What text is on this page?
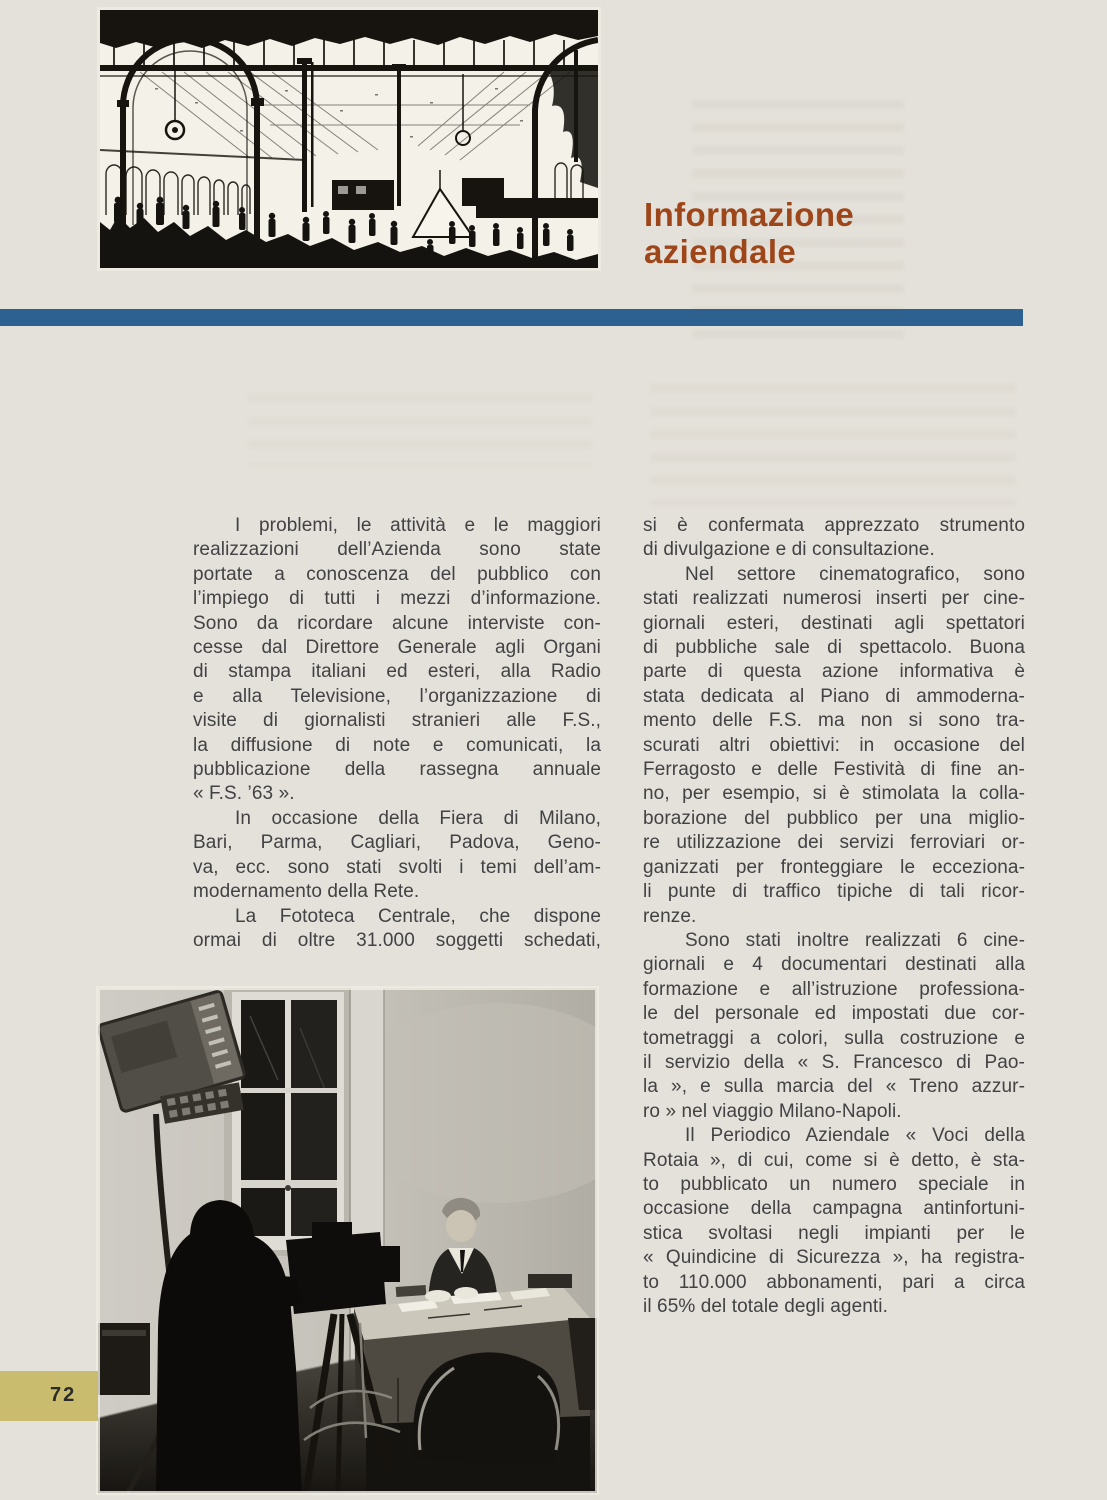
Informazione
aziendale
I problemi, le attività e le maggiori
realizzazioni dell’Azienda sono state
portate a conoscenza del pubblico con
l’impiego di tutti i mezzi d’informazione.
Sono da ricordare alcune interviste con-
cesse dal Direttore Generale agli Organi
di stampa italiani ed esteri, alla Radio
e alla Televisione, l’organizzazione di
visite di giornalisti stranieri alle F.S.,
la diffusione di note e comunicati, la
pubblicazione della rassegna annuale
« F.S. ’63 ».
In occasione della Fiera di Milano,
Bari, Parma, Cagliari, Padova, Geno-
va, ecc. sono stati svolti i temi dell’am-
modernamento della Rete.
La Fototeca Centrale, che dispone
ormai di oltre 31.000 soggetti schedati,
si è confermata apprezzato strumento
di divulgazione e di consultazione.
Nel settore cinematografico, sono
stati realizzati numerosi inserti per cine-
giornali esteri, destinati agli spettatori
di pubbliche sale di spettacolo. Buona
parte di questa azione informativa è
stata dedicata al Piano di ammoderna-
mento delle F.S. ma non si sono tra-
scurati altri obiettivi: in occasione del
Ferragosto e delle Festività di fine an-
no, per esempio, si è stimolata la colla-
borazione del pubblico per una miglio-
re utilizzazione dei servizi ferroviari or-
ganizzati per fronteggiare le ecceziona-
li punte di traffico tipiche di tali ricor-
renze.
Sono stati inoltre realizzati 6 cine-
giornali e 4 documentari destinati alla
formazione e all’istruzione professiona-
le del personale ed impostati due cor-
tometraggi a colori, sulla costruzione e
il servizio della « S. Francesco di Pao-
la », e sulla marcia del « Treno azzur-
ro » nel viaggio Milano-Napoli.
Il Periodico Aziendale « Voci della
Rotaia », di cui, come si è detto, è sta-
to pubblicato un numero speciale in
occasione della campagna antinfortuni-
stica svoltasi negli impianti per le
« Quindicine di Sicurezza », ha registra-
to 110.000 abbonamenti, pari a circa
il 65% del totale degli agenti.
72
